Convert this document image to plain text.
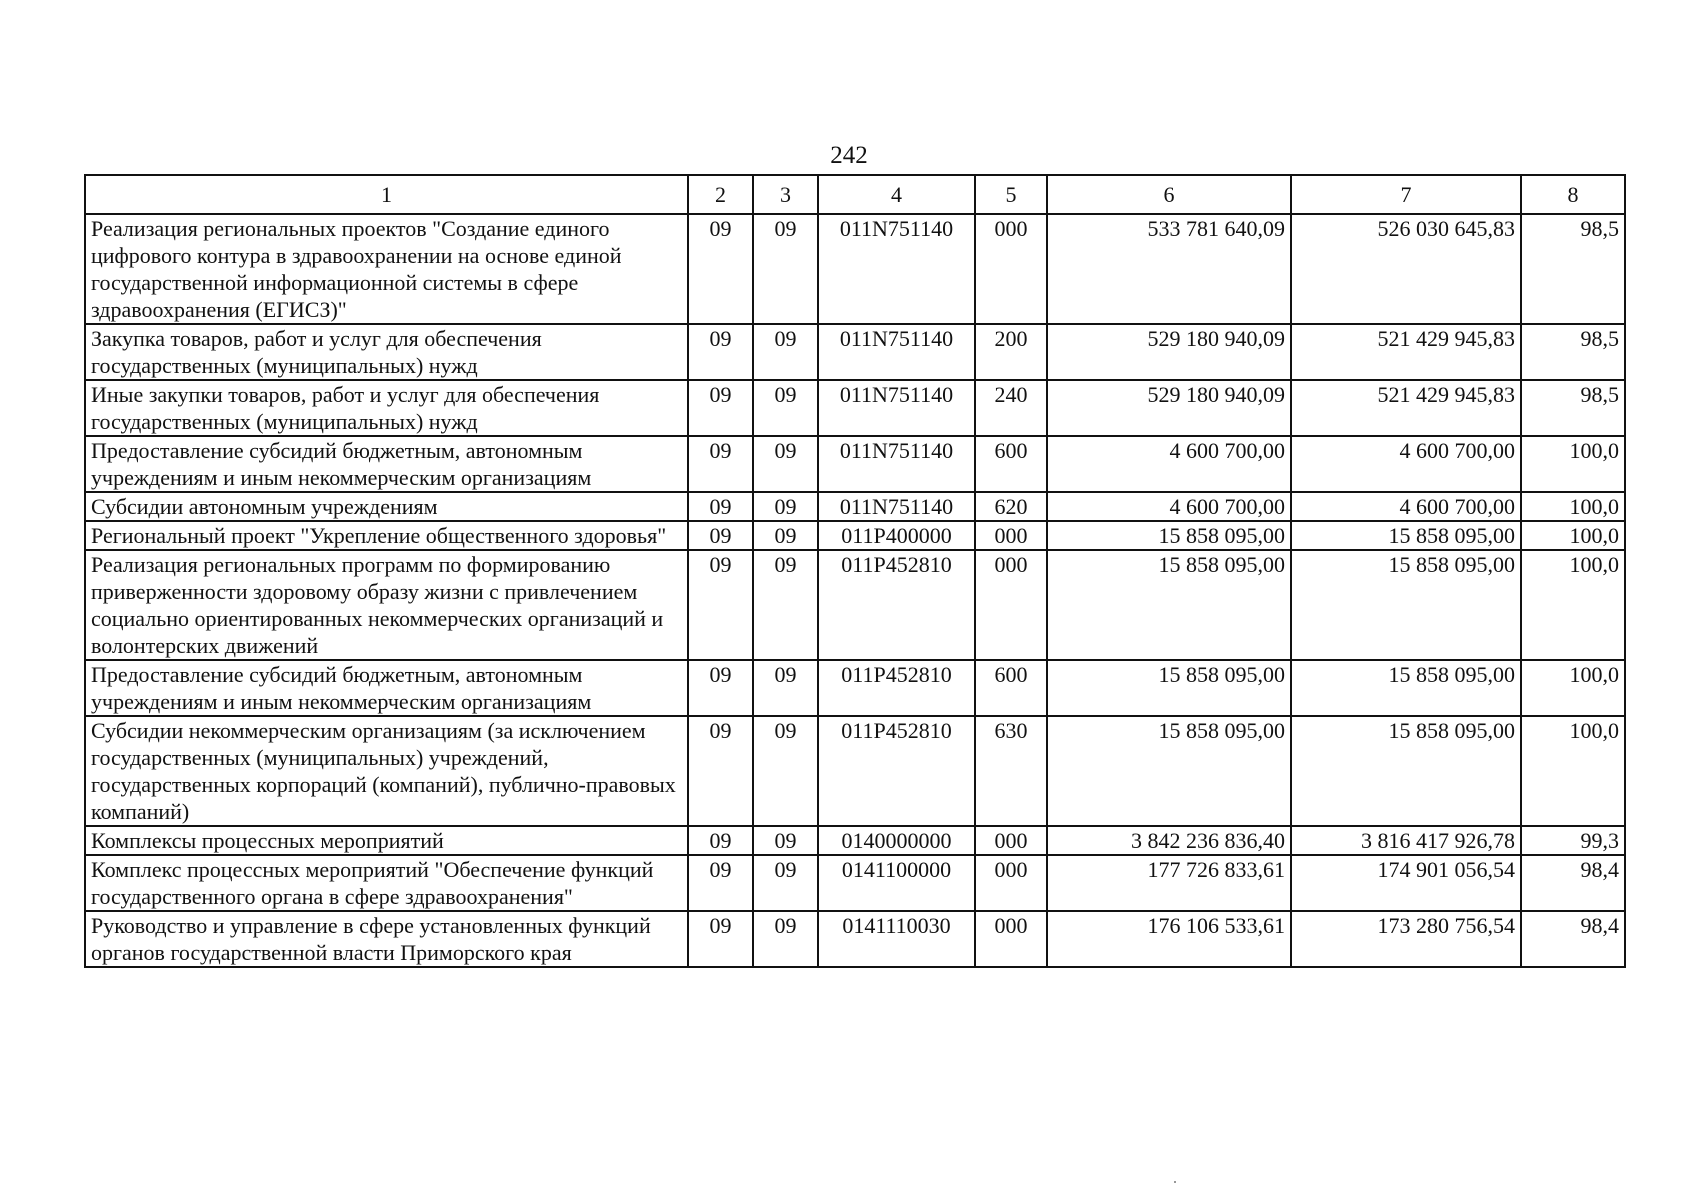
242
1	2	3	4	5	6	7	8
Реализация региональных проектов "Создание единого цифрового контура в здравоохранении на основе единой государственной информационной системы в сфере здравоохранения (ЕГИСЗ)"	09	09	011N751140	000	533 781 640,09	526 030 645,83	98,5
Закупка товаров, работ и услуг для обеспечения государственных (муниципальных) нужд	09	09	011N751140	200	529 180 940,09	521 429 945,83	98,5
Иные закупки товаров, работ и услуг для обеспечения государственных (муниципальных) нужд	09	09	011N751140	240	529 180 940,09	521 429 945,83	98,5
Предоставление субсидий бюджетным, автономным учреждениям и иным некоммерческим организациям	09	09	011N751140	600	4 600 700,00	4 600 700,00	100,0
Субсидии автономным учреждениям	09	09	011N751140	620	4 600 700,00	4 600 700,00	100,0
Региональный проект "Укрепление общественного здоровья"	09	09	011P400000	000	15 858 095,00	15 858 095,00	100,0
Реализация региональных программ по формированию приверженности здоровому образу жизни с привлечением социально ориентированных некоммерческих организаций и волонтерских движений	09	09	011P452810	000	15 858 095,00	15 858 095,00	100,0
Предоставление субсидий бюджетным, автономным учреждениям и иным некоммерческим организациям	09	09	011P452810	600	15 858 095,00	15 858 095,00	100,0
Субсидии некоммерческим организациям (за исключением государственных (муниципальных) учреждений, государственных корпораций (компаний), публично-правовых компаний)	09	09	011P452810	630	15 858 095,00	15 858 095,00	100,0
Комплексы процессных мероприятий	09	09	0140000000	000	3 842 236 836,40	3 816 417 926,78	99,3
Комплекс процессных мероприятий "Обеспечение функций государственного органа в сфере здравоохранения"	09	09	0141100000	000	177 726 833,61	174 901 056,54	98,4
Руководство и управление в сфере установленных функций органов государственной власти Приморского края	09	09	0141110030	000	176 106 533,61	173 280 756,54	98,4
